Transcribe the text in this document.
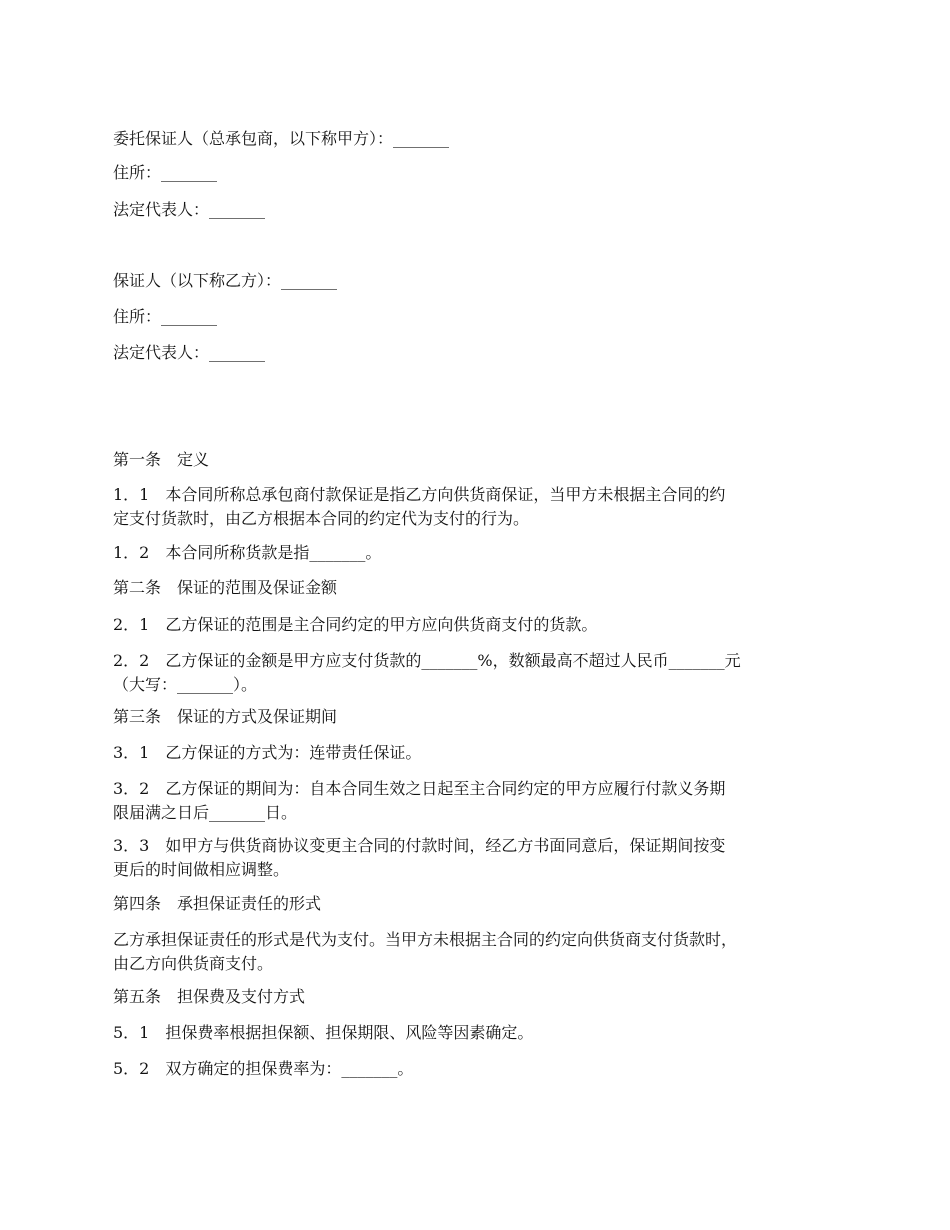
委托保证人（总承包商，以下称甲方）：_______
住所：_______
法定代表人：_______
保证人（以下称乙方）：_______
住所：_______
法定代表人：_______
第一条　定义
1．1　本合同所称总承包商付款保证是指乙方向供货商保证，当甲方未根据主合同的约
定支付货款时，由乙方根据本合同的约定代为支付的行为。
1．2　本合同所称货款是指_______。
第二条　保证的范围及保证金额
2．1　乙方保证的范围是主合同约定的甲方应向供货商支付的货款。
2．2　乙方保证的金额是甲方应支付货款的_______%，数额最高不超过人民币_______元
（大写：_______）。
第三条　保证的方式及保证期间
3．1　乙方保证的方式为：连带责任保证。
3．2　乙方保证的期间为：自本合同生效之日起至主合同约定的甲方应履行付款义务期
限届满之日后_______日。
3．3　如甲方与供货商协议变更主合同的付款时间，经乙方书面同意后，保证期间按变
更后的时间做相应调整。
第四条　承担保证责任的形式
乙方承担保证责任的形式是代为支付。当甲方未根据主合同的约定向供货商支付货款时，
由乙方向供货商支付。
第五条　担保费及支付方式
5．1　担保费率根据担保额、担保期限、风险等因素确定。
5．2　双方确定的担保费率为：_______。
